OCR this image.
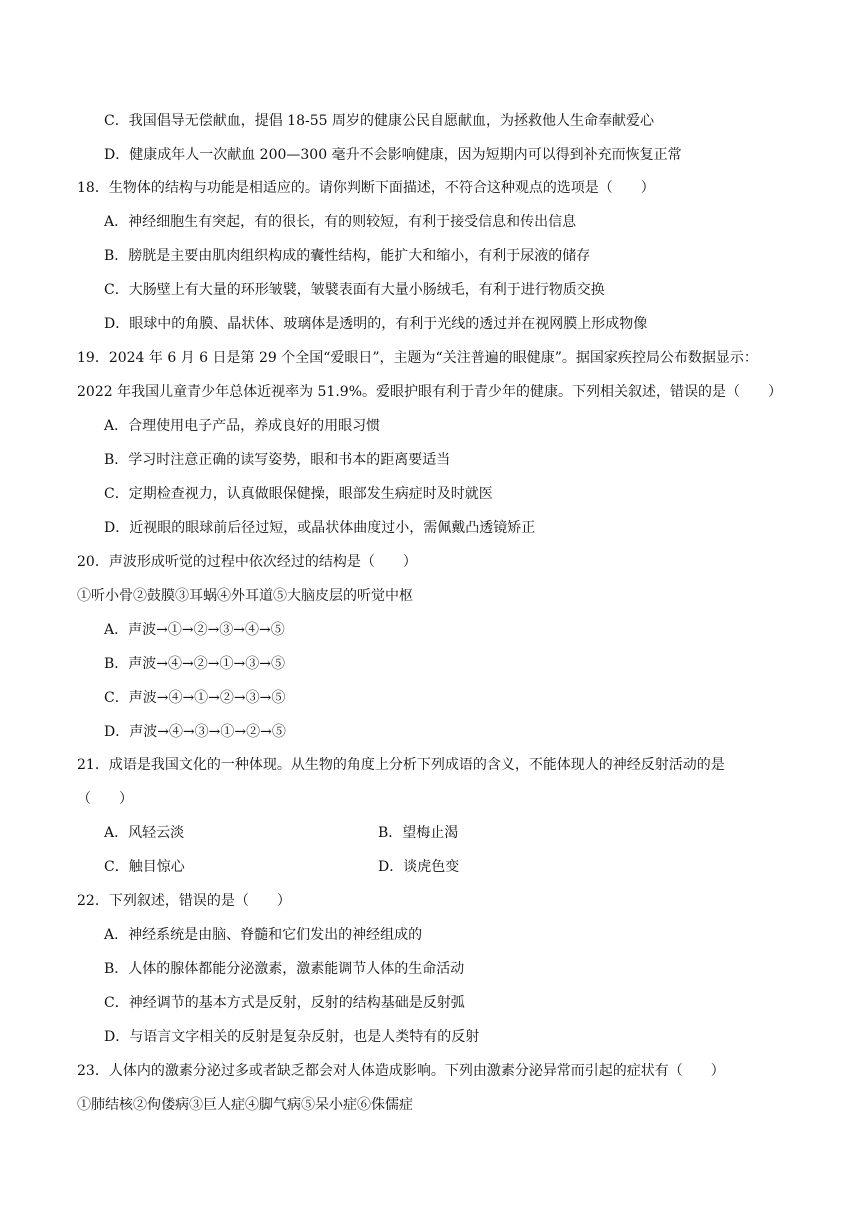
C．我国倡导无偿献血，提倡 18-55 周岁的健康公民自愿献血，为拯救他人生命奉献爱心
D．健康成年人一次献血 200—300 毫升不会影响健康，因为短期内可以得到补充而恢复正常
18．生物体的结构与功能是相适应的。请你判断下面描述，不符合这种观点的选项是（　　）
A．神经细胞生有突起，有的很长，有的则较短，有利于接受信息和传出信息
B．膀胱是主要由肌肉组织构成的囊性结构，能扩大和缩小，有利于尿液的储存
C．大肠壁上有大量的环形皱襞，皱襞表面有大量小肠绒毛，有利于进行物质交换
D．眼球中的角膜、晶状体、玻璃体是透明的，有利于光线的透过并在视网膜上形成物像
19．2024 年 6 月 6 日是第 29 个全国“爱眼日”，主题为“关注普遍的眼健康”。据国家疾控局公布数据显示：
2022 年我国儿童青少年总体近视率为 51.9%。爱眼护眼有利于青少年的健康。下列相关叙述，错误的是（　　）
A．合理使用电子产品，养成良好的用眼习惯
B．学习时注意正确的读写姿势，眼和书本的距离要适当
C．定期检查视力，认真做眼保健操，眼部发生病症时及时就医
D．近视眼的眼球前后径过短，或晶状体曲度过小，需佩戴凸透镜矫正
20．声波形成听觉的过程中依次经过的结构是（　　）
①听小骨②鼓膜③耳蜗④外耳道⑤大脑皮层的听觉中枢
A．声波→①→②→③→④→⑤
B．声波→④→②→①→③→⑤
C．声波→④→①→②→③→⑤
D．声波→④→③→①→②→⑤
21．成语是我国文化的一种体现。从生物的角度上分析下列成语的含义，不能体现人的神经反射活动的是
（　　）
A．风轻云淡	B．望梅止渴
C．触目惊心	D．谈虎色变
22．下列叙述，错误的是（　　）
A．神经系统是由脑、脊髓和它们发出的神经组成的
B．人体的腺体都能分泌激素，激素能调节人体的生命活动
C．神经调节的基本方式是反射，反射的结构基础是反射弧
D．与语言文字相关的反射是复杂反射，也是人类特有的反射
23．人体内的激素分泌过多或者缺乏都会对人体造成影响。下列由激素分泌异常而引起的症状有（　　）
①肺结核②佝偻病③巨人症④脚气病⑤呆小症⑥侏儒症
